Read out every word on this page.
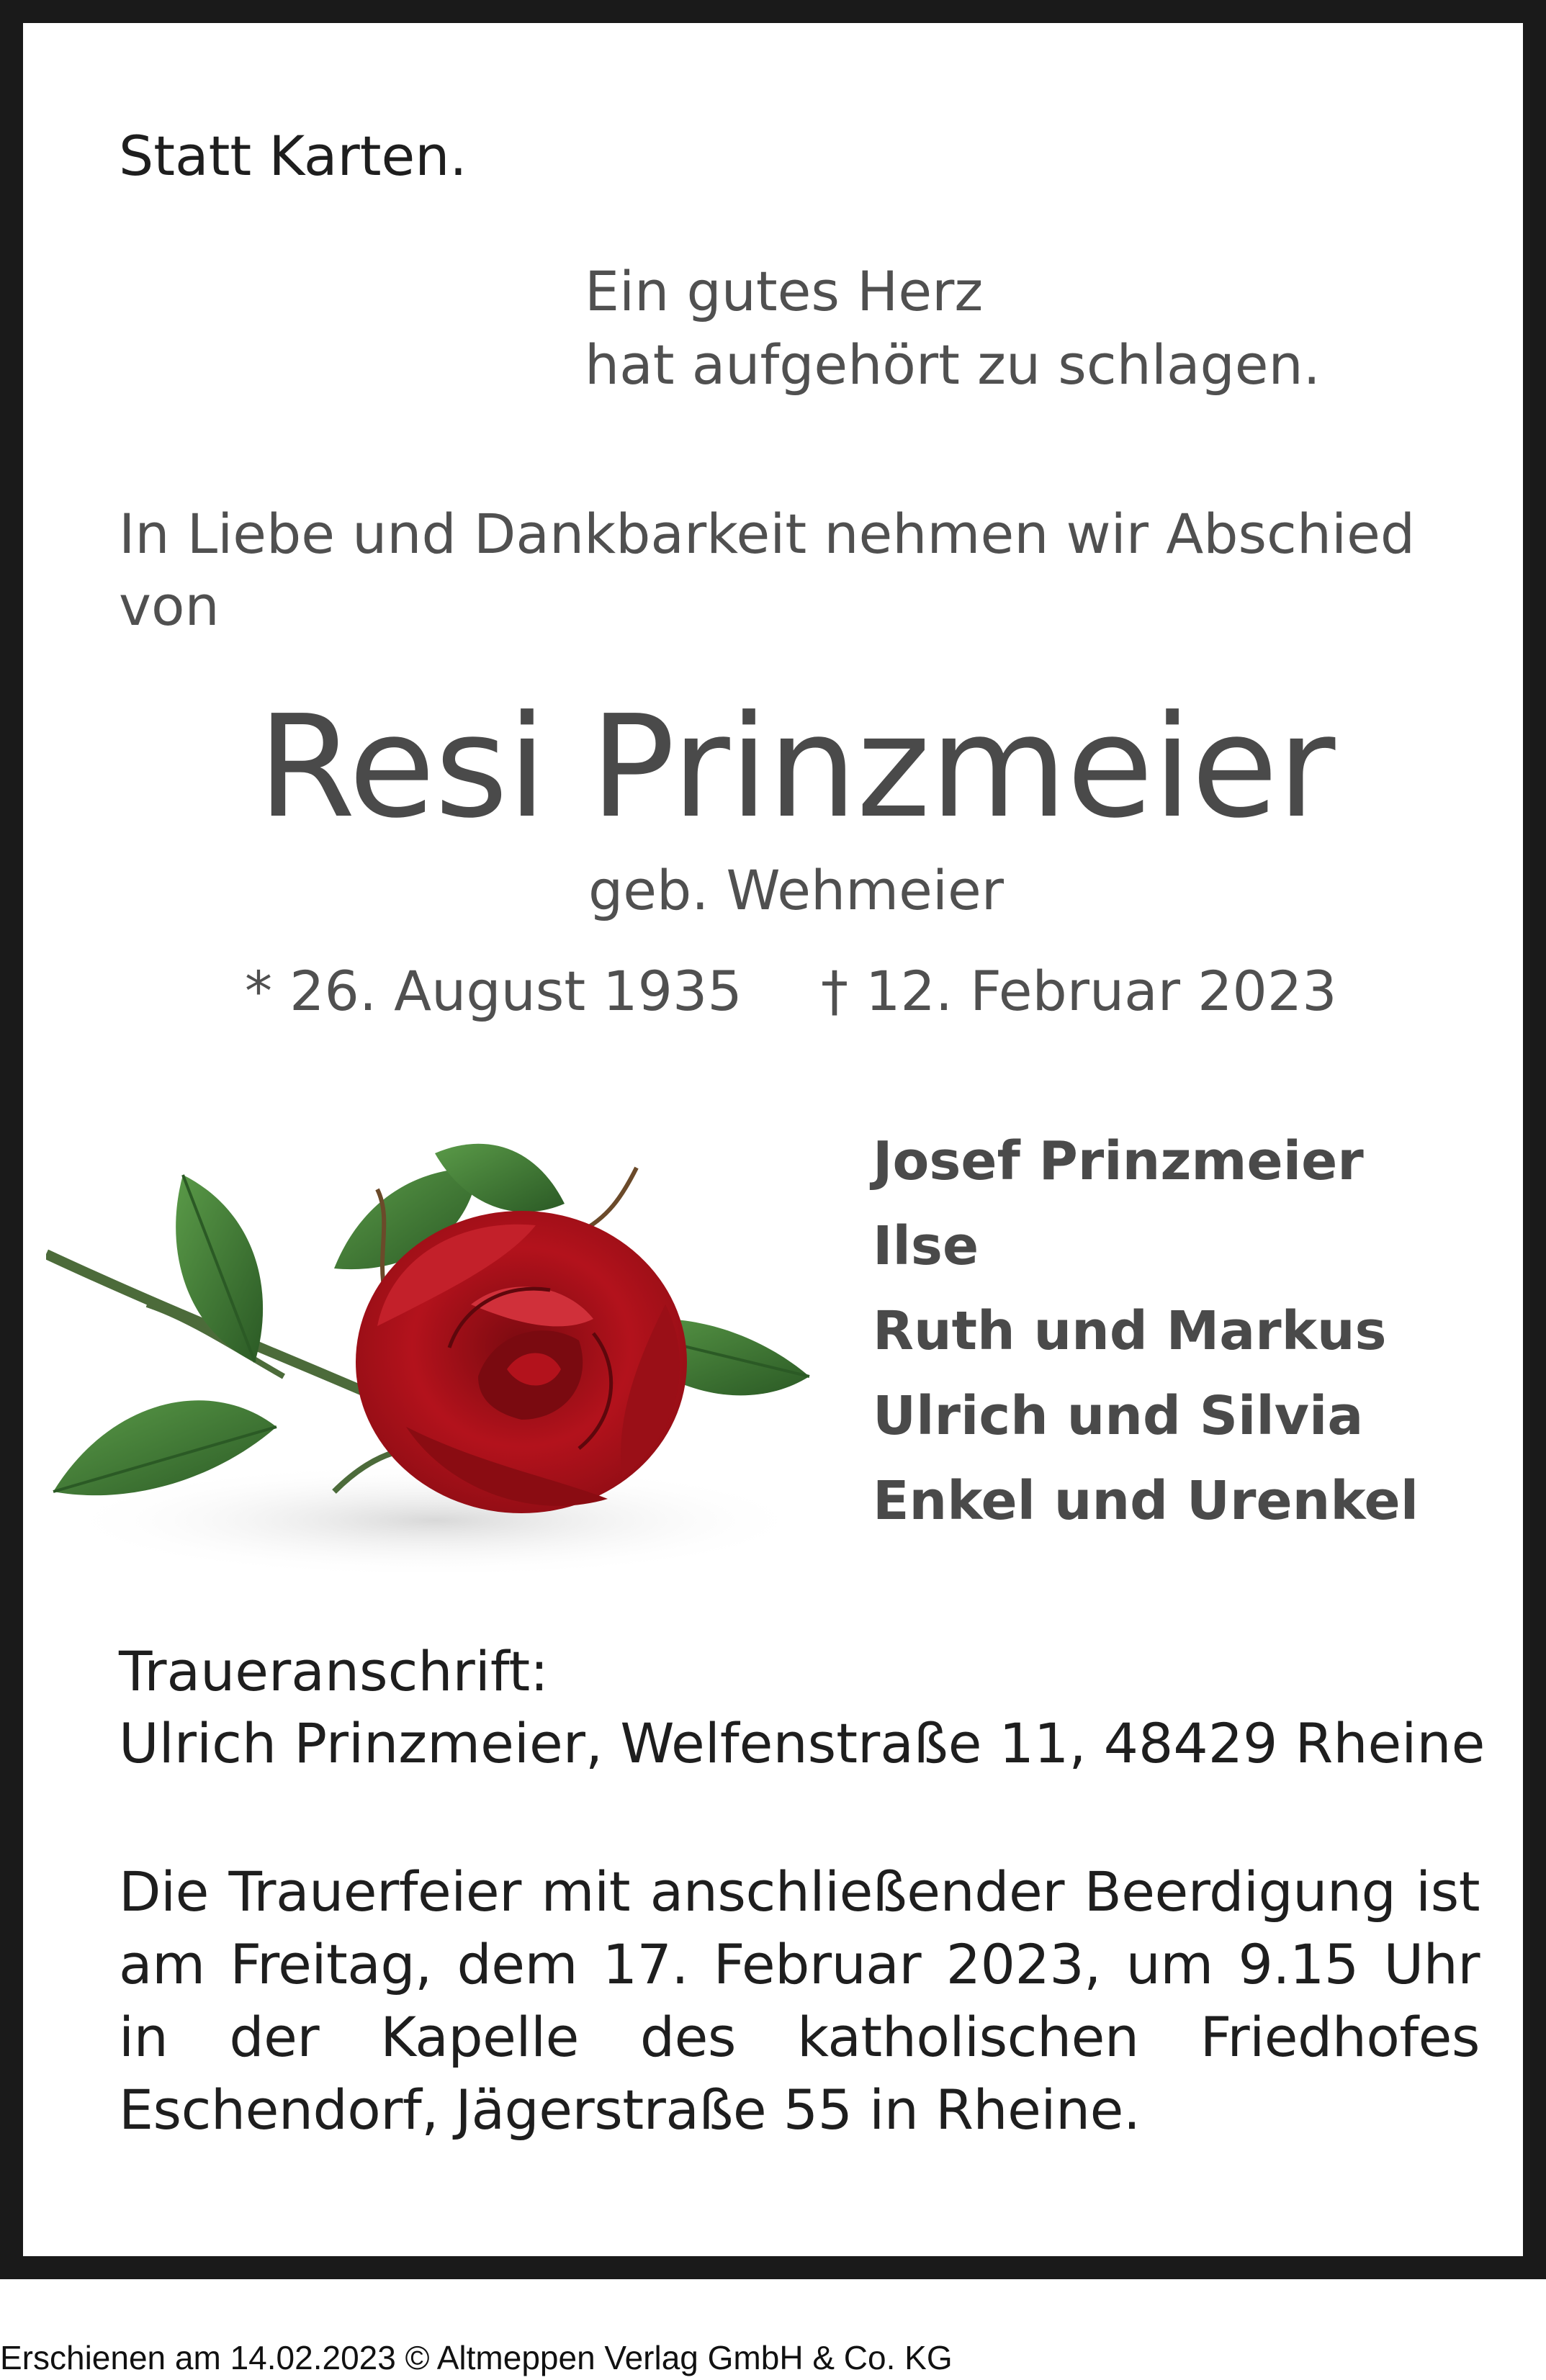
Statt Karten.

Ein gutes Herz
hat aufgehört zu schlagen.
In Liebe und Dankbarkeit nehmen wir Abschied
von

Resi Prinzmeier

geb. Wehmeier

* 26. August 1935 † 12. Februar 2023

Josef Prinzmeier
Ilse
Ruth und Markus
Ulrich und Silvia
Enkel und Urenkel
Traueranschrift:
Ulrich Prinzmeier, Welfenstraße 11, 48429 Rheine

Die Trauerfeier mit anschließender Beerdigung ist am Freitag, dem 17. Februar 2023, um 9.15 Uhr in der Kapelle des katholischen Friedhofes Eschendorf, Jägerstraße 55 in Rheine.

Erschienen am 14.02.2023 © Altmeppen Verlag GmbH & Co. KG
